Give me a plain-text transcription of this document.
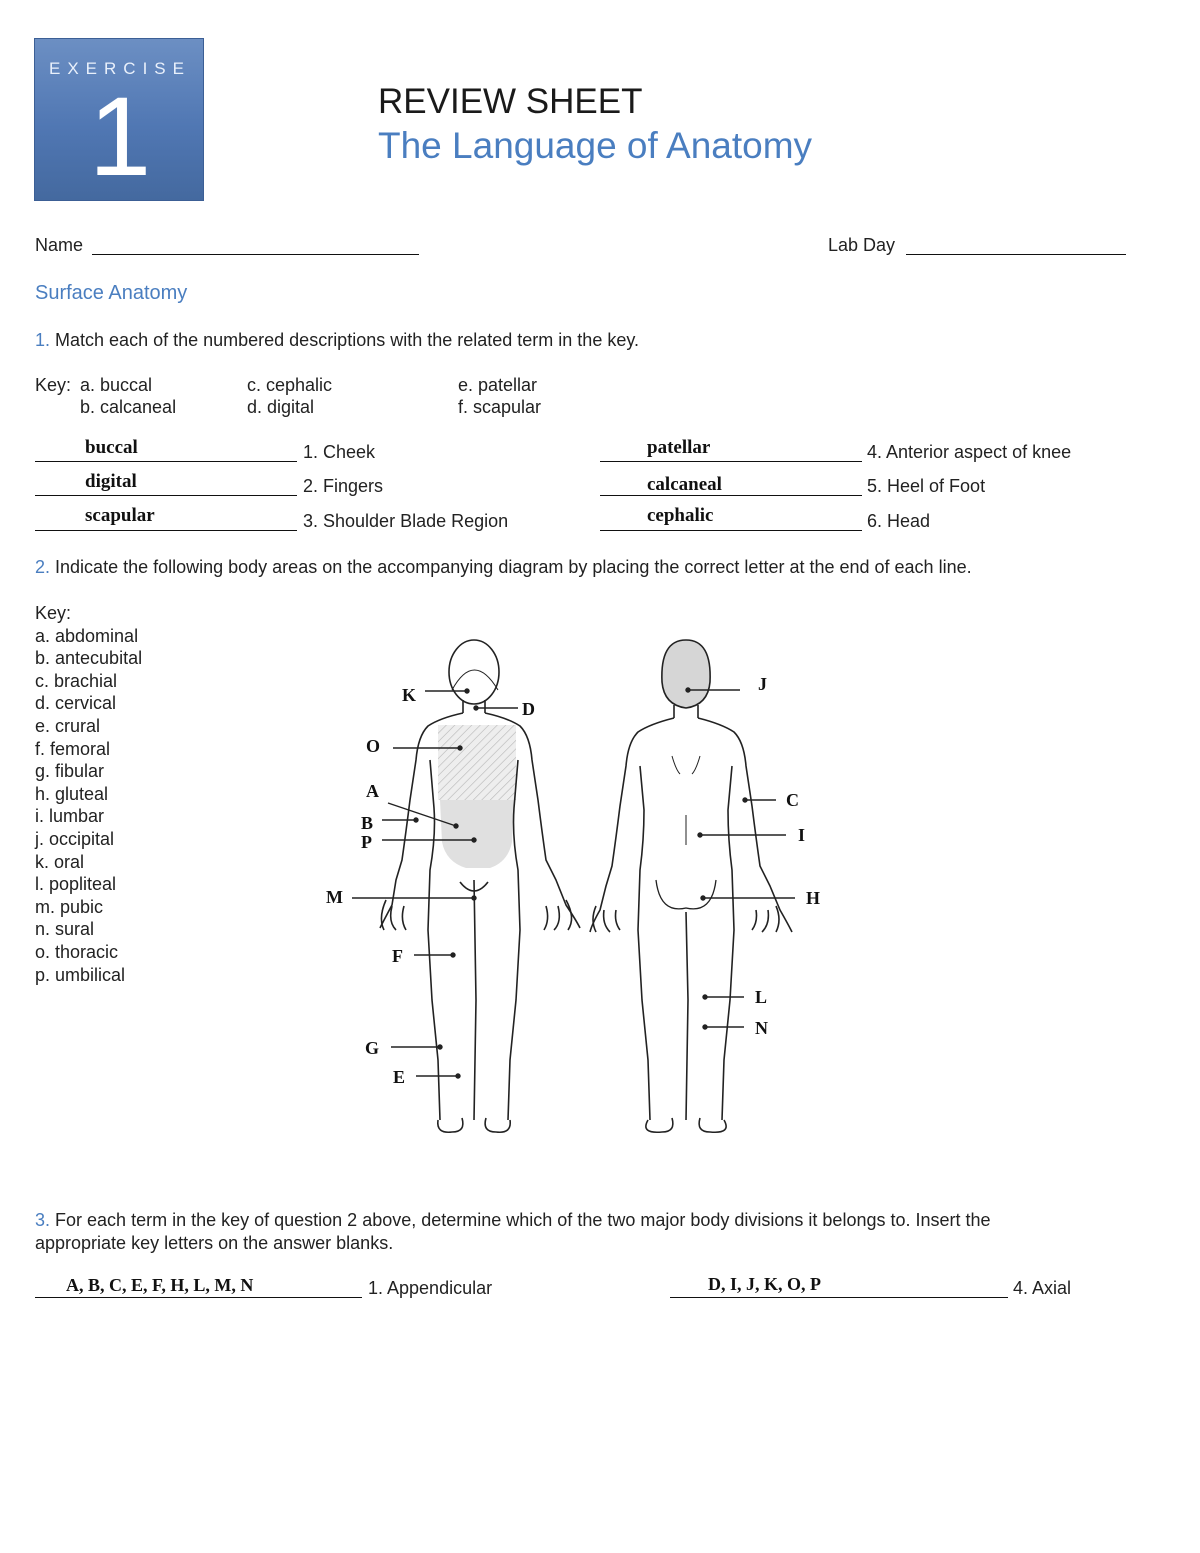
EXERCISE
1	REVIEW SHEET
The Language of Anatomy
Name	Lab Day
Surface Anatomy
1. Match each of the numbered descriptions with the related term in the key.
Key: a. buccal
b. calcaneal
c. cephalic
d. digital
e. patellar
f. scapular
buccal	1. Cheek
digital	2. Fingers
scapular	3. Shoulder Blade Region
patellar	4. Anterior aspect of knee
calcaneal	5. Heel of Foot
cephalic	6. Head
2. Indicate the following body areas on the accompanying diagram by placing the correct letter at the end of each line.
Key:
a. abdominal
b. antecubital
c. brachial
d. cervical
e. crural
f. femoral
g. fibular
h. gluteal
i. lumbar
j. occipital
k. oral
l. popliteal
m. pubic
n. sural
o. thoracic
p. umbilical
K
D
O
A
B
P
M
F
G
E
J
C
I
H
L
N
3. For each term in the key of question 2 above, determine which of the two major body divisions it belongs to. Insert the
appropriate key letters on the answer blanks.
A, B, C, E, F, H, L, M, N	1. Appendicular	D, I, J, K, O, P	4. Axial
